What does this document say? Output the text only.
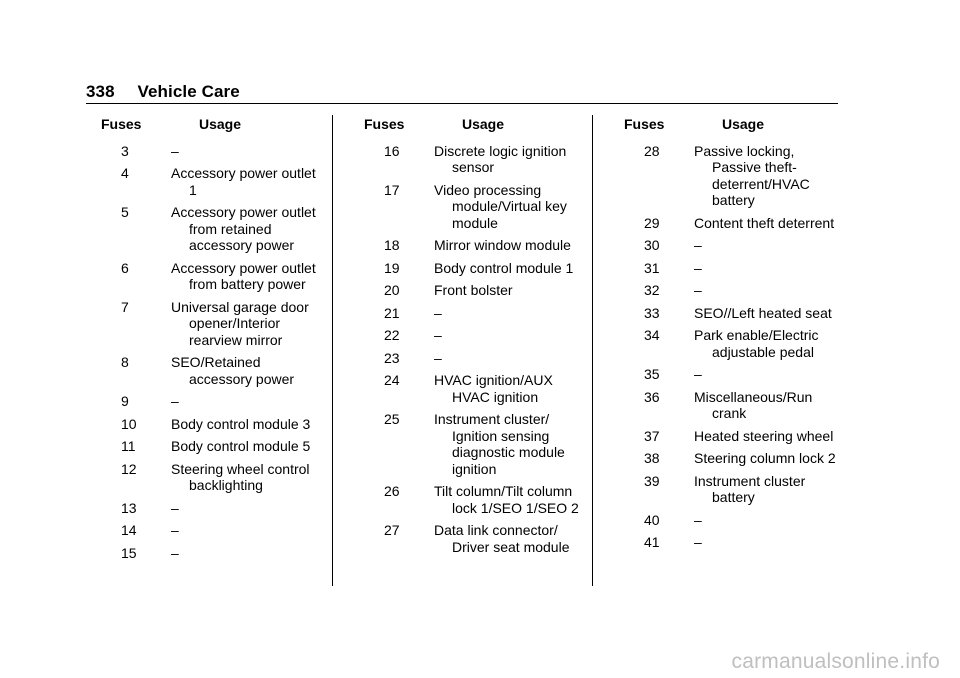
338 Vehicle Care
Fuses	Usage
3	–
4	Accessory power outlet 1
5	Accessory power outlet from retained accessory power
6	Accessory power outlet from battery power
7	Universal garage door opener/Interior rearview mirror
8	SEO/Retained accessory power
9	–
10	Body control module 3
11	Body control module 5
12	Steering wheel control backlighting
13	–
14	–
15	–
Fuses	Usage
16	Discrete logic ignition sensor
17	Video processing module/Virtual key module
18	Mirror window module
19	Body control module 1
20	Front bolster
21	–
22	–
23	–
24	HVAC ignition/AUX HVAC ignition
25	Instrument cluster/ Ignition sensing diagnostic module ignition
26	Tilt column/Tilt column lock 1/SEO 1/SEO 2
27	Data link connector/ Driver seat module
Fuses	Usage
28	Passive locking, Passive theft-deterrent/HVAC battery
29	Content theft deterrent
30	–
31	–
32	–
33	SEO//Left heated seat
34	Park enable/Electric adjustable pedal
35	–
36	Miscellaneous/Run crank
37	Heated steering wheel
38	Steering column lock 2
39	Instrument cluster battery
40	–
41	–
carmanualsonline.info
